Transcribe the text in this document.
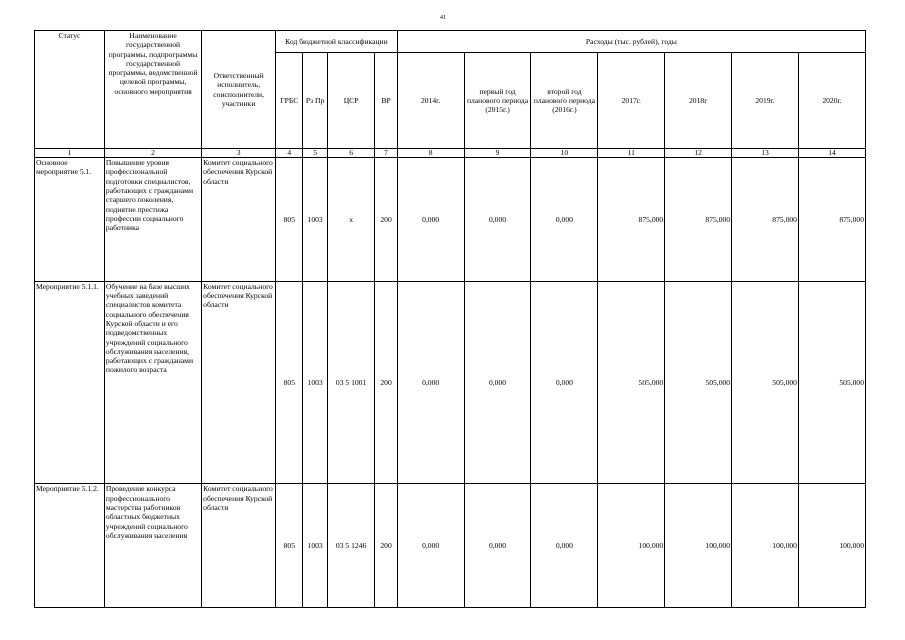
41
Статус	Наименование государственной программы, подпрограммы государственной программы, ведомственной целевой программы, основного мероприятия	Ответственный исполнитель, соисполнители, участники	Код бюджетной классификации				Расходы (тыс. рублей), годы						
			ГРБС	Рз Пр	ЦСР	ВР	2014г.	первый год планового периода (2015г.)	второй год планового периода (2016г.)	2017г.	2018г	2019г.	2020г.
1	2	3	4	5	6	7	8	9	10	11	12	13	14
Основное мероприятие 5.1.	Повышение уровня профессиональной подготовки специалистов, работающих с гражданами старшего поколения, поднятие престижа профессии социального работника	Комитет социального обеспечения Курской области	805	1003	х	200	0,000	0,000	0,000	875,000	875,000	875,000	875,000
Мероприятие 5.1.1.	Обучение на базе высших учебных заведений специалистов комитета социального обеспечения Курской области и его подведомственных учреждений социального обслуживания населения, работающих с гражданами пожилого возраста	Комитет социального обеспечения Курской области	805	1003	03 5 1001	200	0,000	0,000	0,000	505,000	505,000	505,000	505,000
Мероприятие 5.1.2.	Проведение конкурса профессионального мастерства работников областных бюджетных учреждений социального обслуживания населения	Комитет социального обеспечения Курской области	805	1003	03 5 1246	200	0,000	0,000	0,000	100,000	100,000	100,000	100,000
